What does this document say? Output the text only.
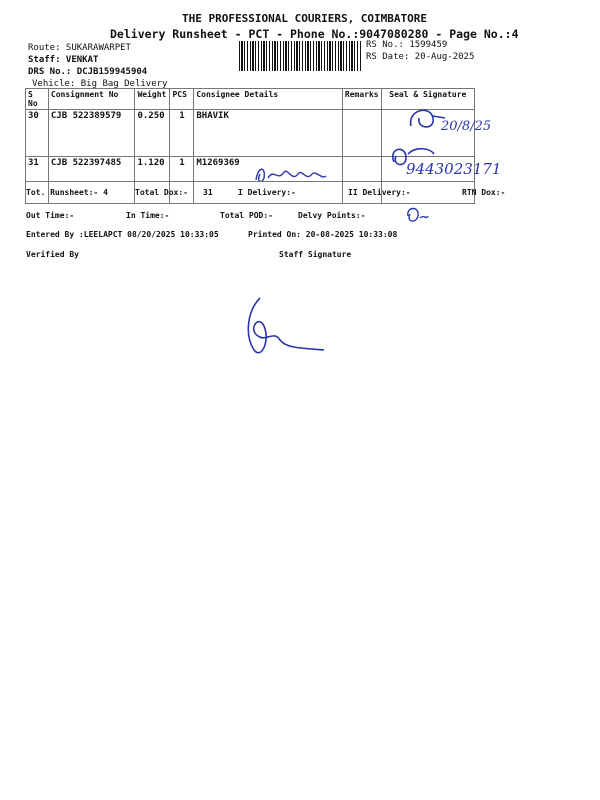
THE PROFESSIONAL COURIERS, COIMBATORE
Delivery Runsheet - PCT - Phone No.:9047080280 - Page No.:4
Route: SUKARAWARPET
Staff: VENKAT
DRS No.: DCJB159945904
Vehicle: Big Bag Delivery
RS No.: 1599459
RS Date: 20-Aug-2025
S No	Consignment No	Weight	PCS	Consignee Details	Remarks	Seal & Signature
30	CJB 522389579	0.250	1	BHAVIK		
31	CJB 522397485	1.120	1	M1269369		
20/8/25
9443023171
Tot. Runsheet:- 4	Total Dox:- 31	I Delivery:-	II Delivery:-	RTN Dox:-
Out Time:-	In Time:-	Total POD:-	Delvy Points:-
Entered By :LEELAPCT 08/20/2025 10:33:05	Printed On: 20-08-2025 10:33:08
Verified By	Staff Signature
